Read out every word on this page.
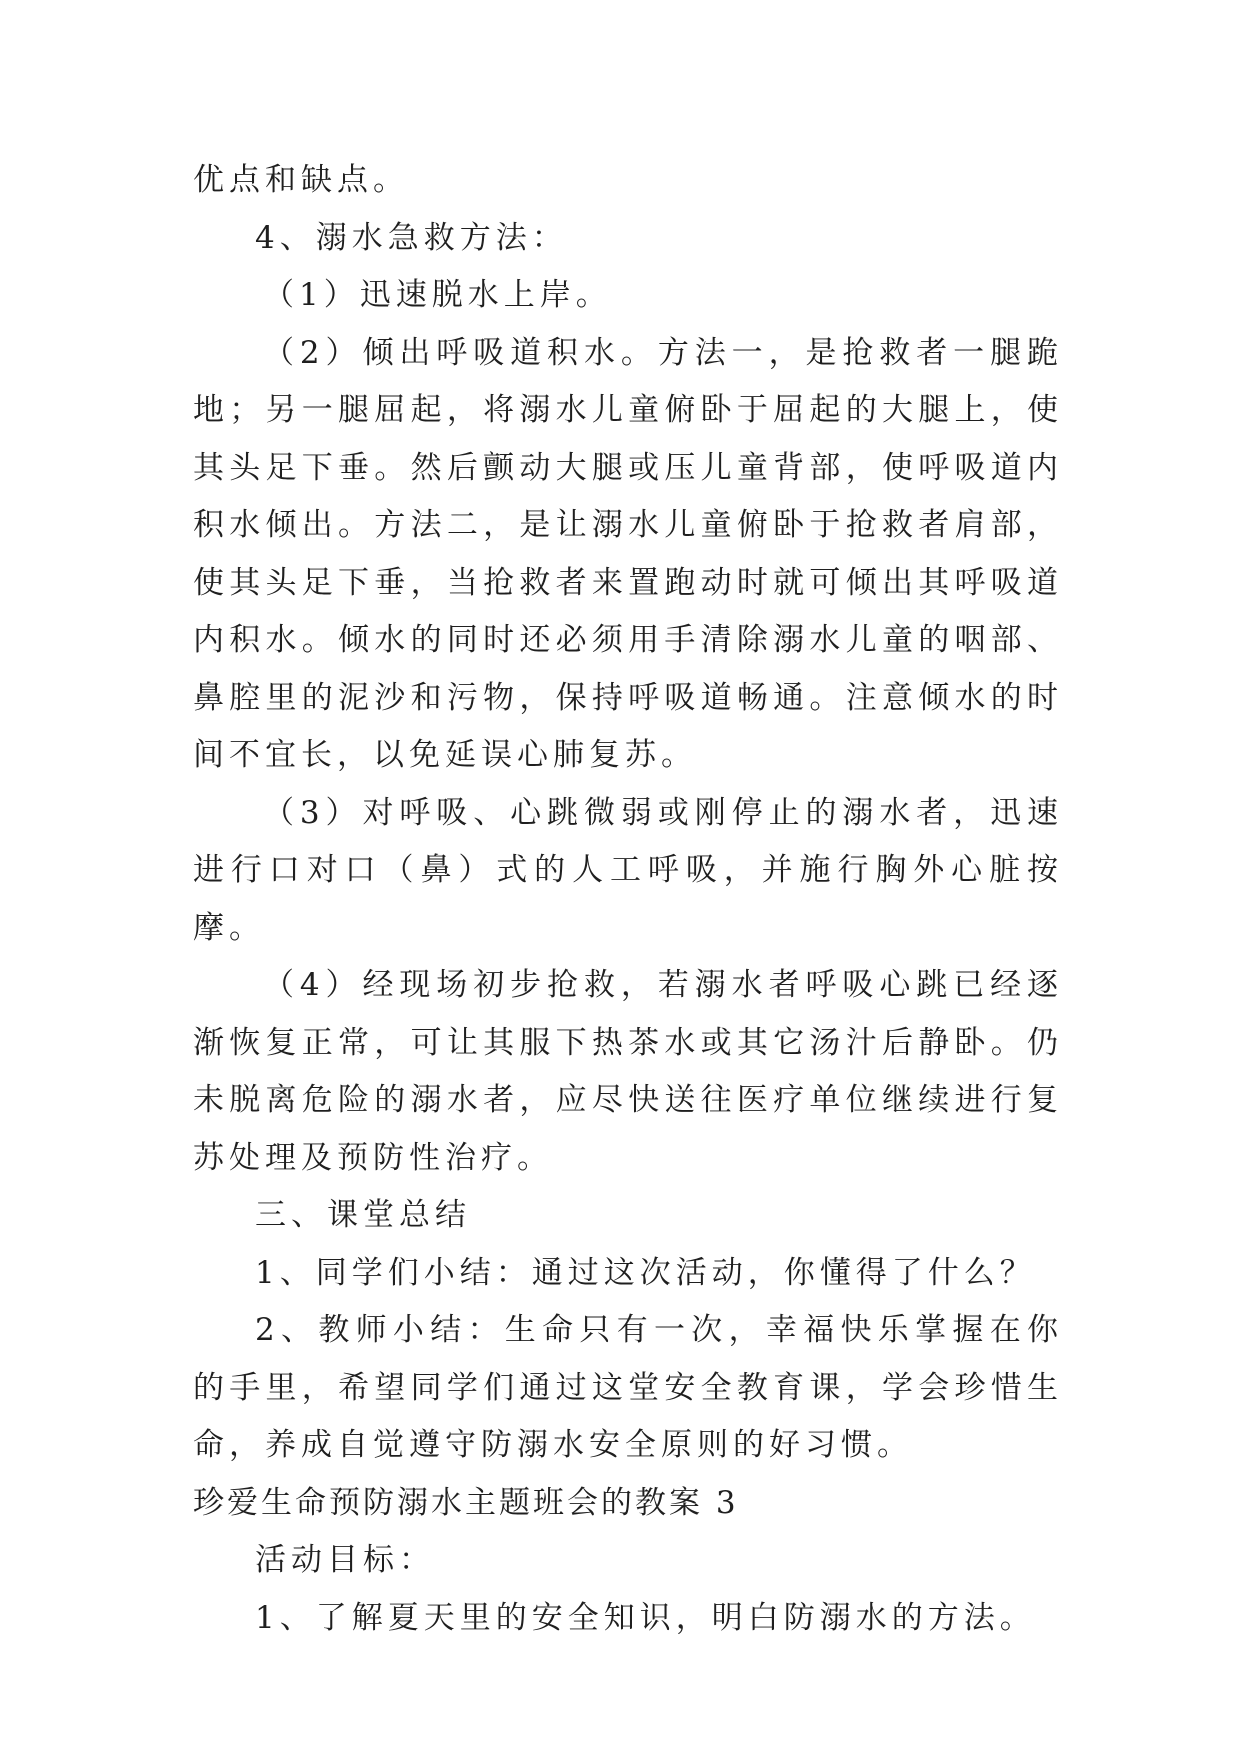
优点和缺点。

4、溺水急救方法：

（1）迅速脱水上岸。

（2）倾出呼吸道积水。方法一，是抢救者一腿跪地；另一腿屈起，将溺水儿童俯卧于屈起的大腿上，使其头足下垂。然后颤动大腿或压儿童背部，使呼吸道内积水倾出。方法二，是让溺水儿童俯卧于抢救者肩部，使其头足下垂，当抢救者来置跑动时就可倾出其呼吸道内积水。倾水的同时还必须用手清除溺水儿童的咽部、鼻腔里的泥沙和污物，保持呼吸道畅通。注意倾水的时间不宜长，以免延误心肺复苏。

（3）对呼吸、心跳微弱或刚停止的溺水者，迅速进行口对口（鼻）式的人工呼吸，并施行胸外心脏按摩。

（4）经现场初步抢救，若溺水者呼吸心跳已经逐渐恢复正常，可让其服下热茶水或其它汤汁后静卧。仍未脱离危险的溺水者，应尽快送往医疗单位继续进行复苏处理及预防性治疗。

三、课堂总结

1、同学们小结：通过这次活动，你懂得了什么？

2、教师小结：生命只有一次，幸福快乐掌握在你的手里，希望同学们通过这堂安全教育课，学会珍惜生命，养成自觉遵守防溺水安全原则的好习惯。

珍爱生命预防溺水主题班会的教案 3

活动目标：

1、了解夏天里的安全知识，明白防溺水的方法。
